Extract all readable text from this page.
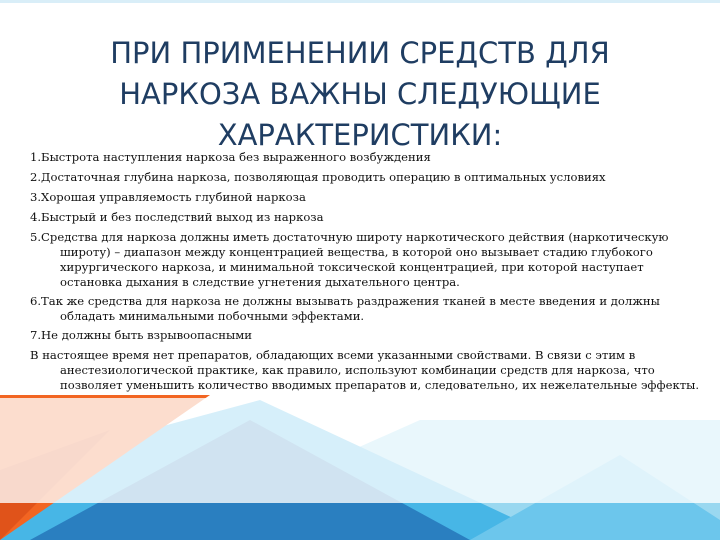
ПРИ ПРИМЕНЕНИИ СРЕДСТВ ДЛЯ
НАРКОЗА ВАЖНЫ СЛЕДУЮЩИЕ
ХАРАКТЕРИСТИКИ:

1.Быстрота наступления наркоза без выраженного возбуждения

2.Достаточная глубина наркоза, позволяющая проводить операцию в оптимальных условиях

3.Хорошая управляемость глубиной наркоза

4.Быстрый и без последствий выход из наркоза

5.Средства для наркоза должны иметь достаточную широту наркотического действия (наркотическую широту) – диапазон между концентрацией вещества, в которой оно вызывает стадию глубокого хирургического наркоза, и минимальной токсической концентрацией, при которой наступает остановка дыхания в следствие угнетения дыхательного центра.

6.Так же средства для наркоза не должны вызывать раздражения тканей в месте введения и должны обладать минимальными побочными эффектами.

7.Не должны быть взрывоопасными

В настоящее время нет препаратов, обладающих всеми указанными свойствами. В связи с этим в анестезиологической практике, как правило, используют комбинации средств для наркоза, что позволяет уменьшить количество вводимых препаратов и, следовательно, их нежелательные эффекты.
